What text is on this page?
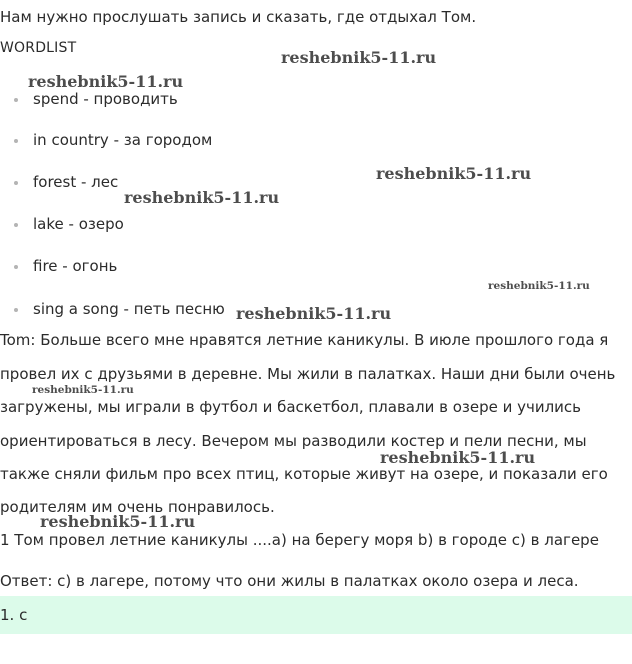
Нам нужно прослушать запись и сказать, где отдыхал Том.
WORDLIST
spend - проводить
in country - за городом
forest - лес
lake - озеро
fire - огонь
sing a song - петь песню
Tom: Больше всего мне нравятся летние каникулы. В июле прошлого года я
провел их с друзьями в деревне. Мы жили в палатках. Наши дни были очень
загружены, мы играли в футбол и баскетбол, плавали в озере и учились
ориентироваться в лесу. Вечером мы разводили костер и пели песни, мы
также сняли фильм про всех птиц, которые живут на озере, и показали его
родителям им очень понравилось.
1 Том провел летние каникулы ....a) на берегу моря b) в городе c) в лагере
Ответ: c) в лагере, потому что они жилы в палатках около озера и леса.
1. c
reshebnik5-11.ru
reshebnik5-11.ru
reshebnik5-11.ru
reshebnik5-11.ru
reshebnik5-11.ru
reshebnik5-11.ru
reshebnik5-11.ru
reshebnik5-11.ru
reshebnik5-11.ru
